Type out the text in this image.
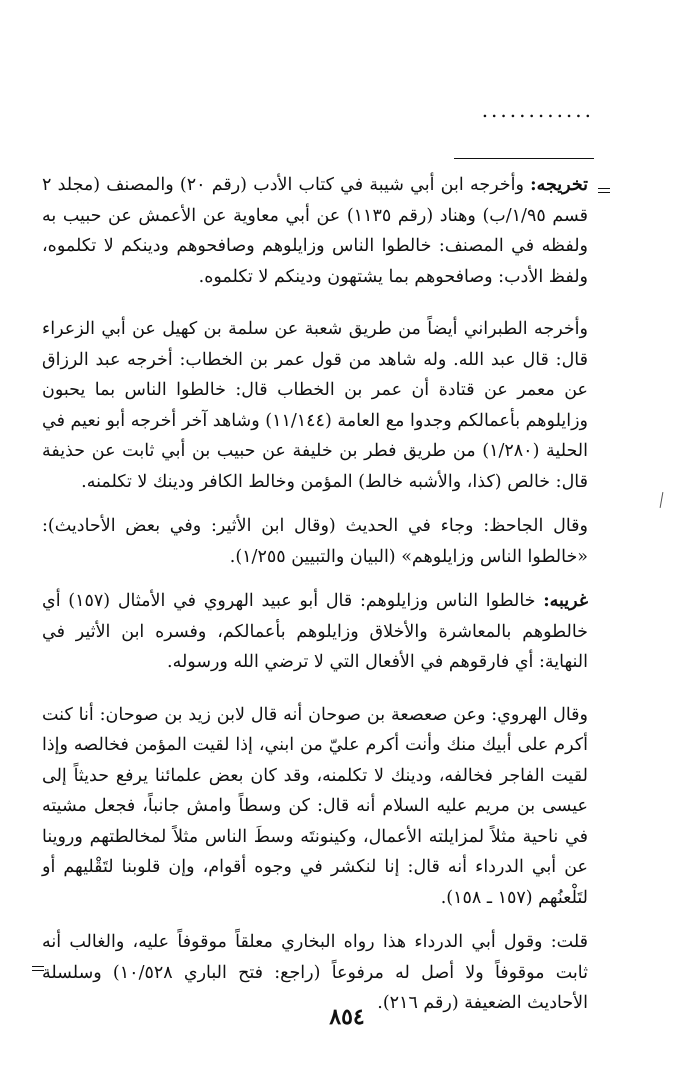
............

تخريجه: وأخرجه ابن أبي شيبة في كتاب الأدب (رقم ٢٠) والمصنف (مجلد ٢ قسم ١/٩٥/ب) وهناد (رقم ١١٣٥) عن أبي معاوية عن الأعمش عن حبيب به ولفظه في المصنف: خالطوا الناس وزايلوهم وصافحوهم ودينكم لا تكلموه، ولفظ الأدب: وصافحوهم بما يشتهون ودينكم لا تكلموه.

وأخرجه الطبراني أيضاً من طريق شعبة عن سلمة بن كهيل عن أبي الزعراء قال: قال عبد الله. وله شاهد من قول عمر بن الخطاب: أخرجه عبد الرزاق عن معمر عن قتادة أن عمر بن الخطاب قال: خالطوا الناس بما يحبون وزايلوهم بأعمالكم وجدوا مع العامة (١١/١٤٤) وشاهد آخر أخرجه أبو نعيم في الحلية (١/٢٨٠) من طريق فطر بن خليفة عن حبيب بن أبي ثابت عن حذيفة قال: خالص (كذا، والأشبه خالط) المؤمن وخالط الكافر ودينك لا تكلمنه.

وقال الجاحظ: وجاء في الحديث (وقال ابن الأثير: وفي بعض الأحاديث): «خالطوا الناس وزايلوهم» (البيان والتبيين ١/٢٥٥).

غريبه: خالطوا الناس وزايلوهم: قال أبو عبيد الهروي في الأمثال (١٥٧) أي خالطوهم بالمعاشرة والأخلاق وزايلوهم بأعمالكم، وفسره ابن الأثير في النهاية: أي فارقوهم في الأفعال التي لا ترضي الله ورسوله.

وقال الهروي: وعن صعصعة بن صوحان أنه قال لابن زيد بن صوحان: أنا كنت أكرم على أبيك منك وأنت أكرم عليّ من ابني، إذا لقيت المؤمن فخالصه وإذا لقيت الفاجر فخالفه، ودينك لا تكلمنه، وقد كان بعض علمائنا يرفع حديثاً إلى عيسى بن مريم عليه السلام أنه قال: كن وسطاً وامش جانباً، فجعل مشيته في ناحية مثلاً لمزايلته الأعمال، وكينونتَه وسطَ الناس مثلاً لمخالطتهم وروينا عن أبي الدرداء أنه قال: إنا لنكشر في وجوه أقوام، وإن قلوبنا لتَقْليهم أو لتَلْعنُهم (١٥٧ ـ ١٥٨).

قلت: وقول أبي الدرداء هذا رواه البخاري معلقاً موقوفاً عليه، والغالب أنه ثابت موقوفاً ولا أصل له مرفوعاً (راجع: فتح الباري ١٠/٥٢٨) وسلسلة الأحاديث الضعيفة (رقم ٢١٦).

٨٥٤
